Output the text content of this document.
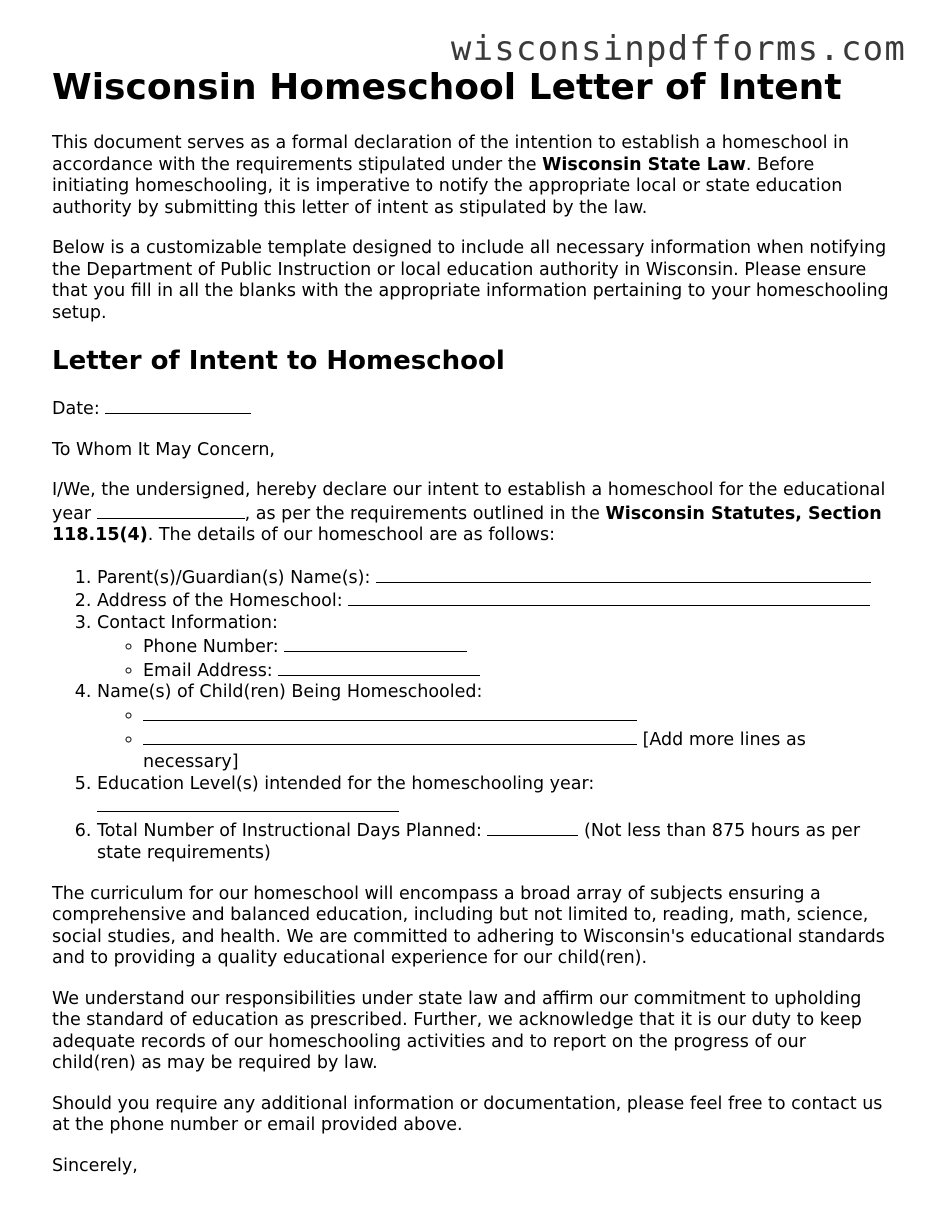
wisconsinpdfforms.com
Wisconsin Homeschool Letter of Intent

This document serves as a formal declaration of the intention to establish a homeschool in accordance with the requirements stipulated under the Wisconsin State Law. Before initiating homeschooling, it is imperative to notify the appropriate local or state education authority by submitting this letter of intent as stipulated by the law.

Below is a customizable template designed to include all necessary information when notifying the Department of Public Instruction or local education authority in Wisconsin. Please ensure that you fill in all the blanks with the appropriate information pertaining to your homeschooling setup.

Letter of Intent to Homeschool

Date:

To Whom It May Concern,

I/We, the undersigned, hereby declare our intent to establish a homeschool for the educational year	, as per the requirements outlined in the Wisconsin Statutes, Section 118.15(4). The details of our homeschool are as follows:

1. Parent(s)/Guardian(s) Name(s):
2. Address of the Homeschool:
3. Contact Information:
◦ Phone Number:
◦ Email Address:
4. Name(s) of Child(ren) Being Homeschooled:
◦
◦ [Add more lines as necessary]
5. Education Level(s) intended for the homeschooling year:

6. Total Number of Instructional Days Planned:	(Not less than 875 hours as per state requirements)

The curriculum for our homeschool will encompass a broad array of subjects ensuring a comprehensive and balanced education, including but not limited to, reading, math, science, social studies, and health. We are committed to adhering to Wisconsin's educational standards and to providing a quality educational experience for our child(ren).

We understand our responsibilities under state law and affirm our commitment to upholding the standard of education as prescribed. Further, we acknowledge that it is our duty to keep adequate records of our homeschooling activities and to report on the progress of our child(ren) as may be required by law.

Should you require any additional information or documentation, please feel free to contact us at the phone number or email provided above.

Sincerely,
